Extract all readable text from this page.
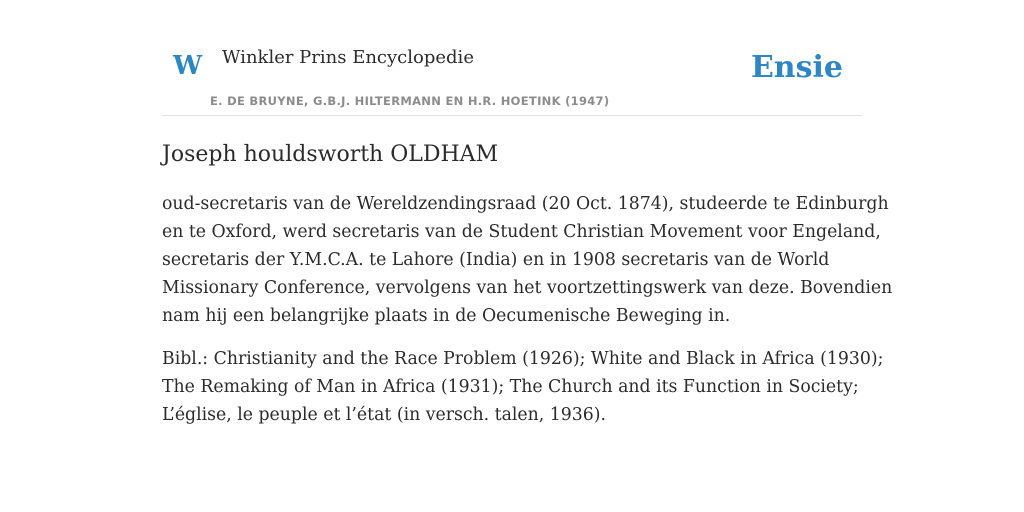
W Winkler Prins Encyclopedie
E. DE BRUYNE, G.B.J. HILTERMANN EN H.R. HOETINK (1947)
Ensie
Joseph houldsworth OLDHAM

oud-secretaris van de Wereldzendingsraad (20 Oct. 1874), studeerde te Edinburgh
en te Oxford, werd secretaris van de Student Christian Movement voor Engeland,
secretaris der Y.M.C.A. te Lahore (India) en in 1908 secretaris van de World
Missionary Conference, vervolgens van het voortzettingswerk van deze. Bovendien
nam hij een belangrijke plaats in de Oecumenische Beweging in.

Bibl.: Christianity and the Race Problem (1926); White and Black in Africa (1930);
The Remaking of Man in Africa (1931); The Church and its Function in Society;
L’église, le peuple et l’état (in versch. talen, 1936).
